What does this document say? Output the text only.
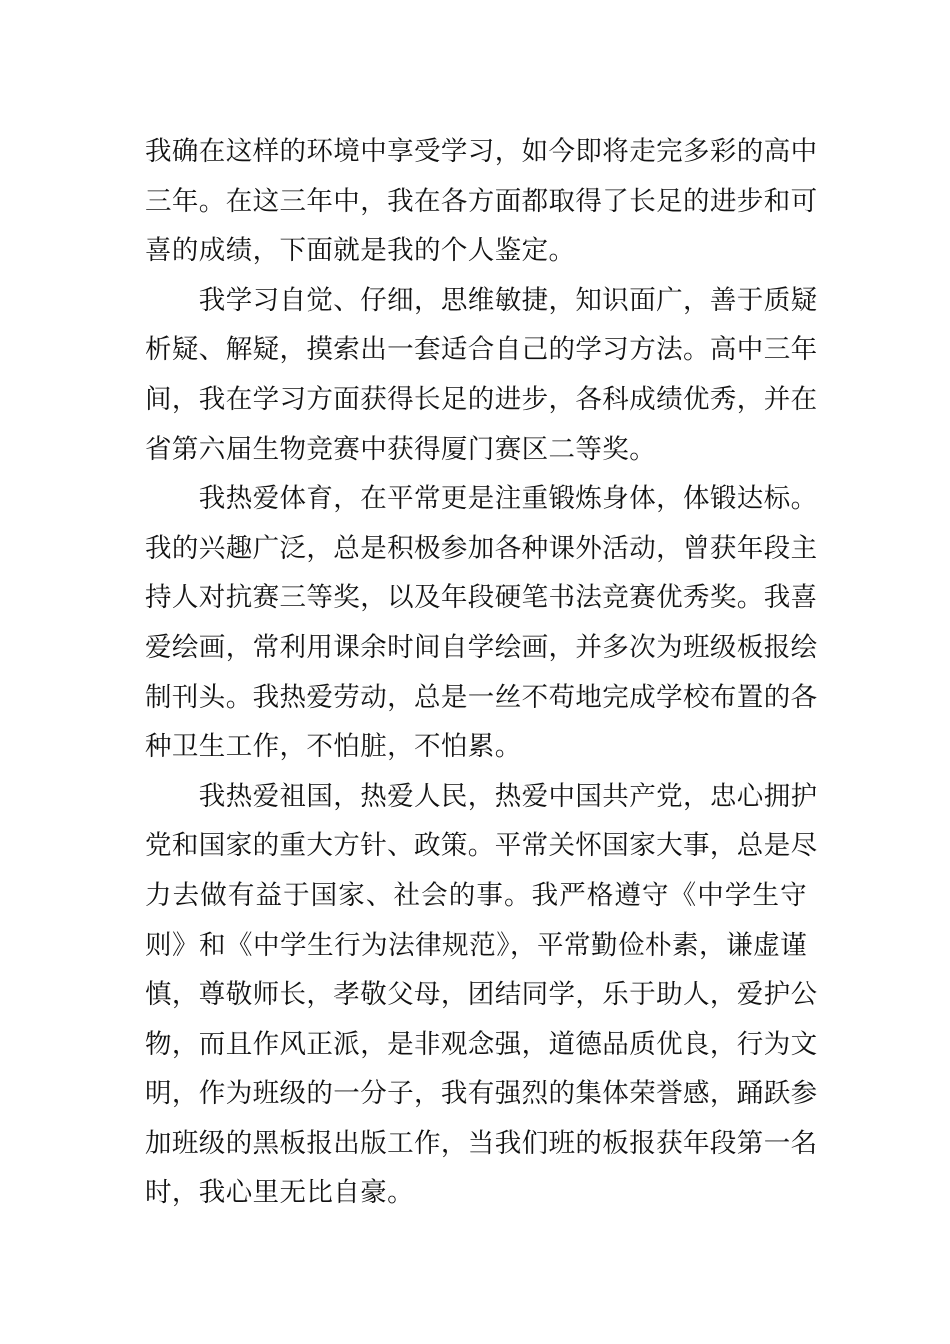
我确在这样的环境中享受学习，如今即将走完多彩的高中
三年。在这三年中，我在各方面都取得了长足的进步和可
喜的成绩，下面就是我的个人鉴定。

　　我学习自觉、仔细，思维敏捷，知识面广，善于质疑
析疑、解疑，摸索出一套适合自己的学习方法。高中三年
间，我在学习方面获得长足的进步，各科成绩优秀，并在
省第六届生物竞赛中获得厦门赛区二等奖。

　　我热爱体育，在平常更是注重锻炼身体，体锻达标。
我的兴趣广泛，总是积极参加各种课外活动，曾获年段主
持人对抗赛三等奖，以及年段硬笔书法竞赛优秀奖。我喜
爱绘画，常利用课余时间自学绘画，并多次为班级板报绘
制刊头。我热爱劳动，总是一丝不苟地完成学校布置的各
种卫生工作，不怕脏，不怕累。

　　我热爱祖国，热爱人民，热爱中国共产党，忠心拥护
党和国家的重大方针、政策。平常关怀国家大事，总是尽
力去做有益于国家、社会的事。我严格遵守《中学生守
则》和《中学生行为法律规范》，平常勤俭朴素，谦虚谨
慎，尊敬师长，孝敬父母，团结同学，乐于助人，爱护公
物，而且作风正派，是非观念强，道德品质优良，行为文
明，作为班级的一分子，我有强烈的集体荣誉感，踊跃参
加班级的黑板报出版工作，当我们班的板报获年段第一名
时，我心里无比自豪。
